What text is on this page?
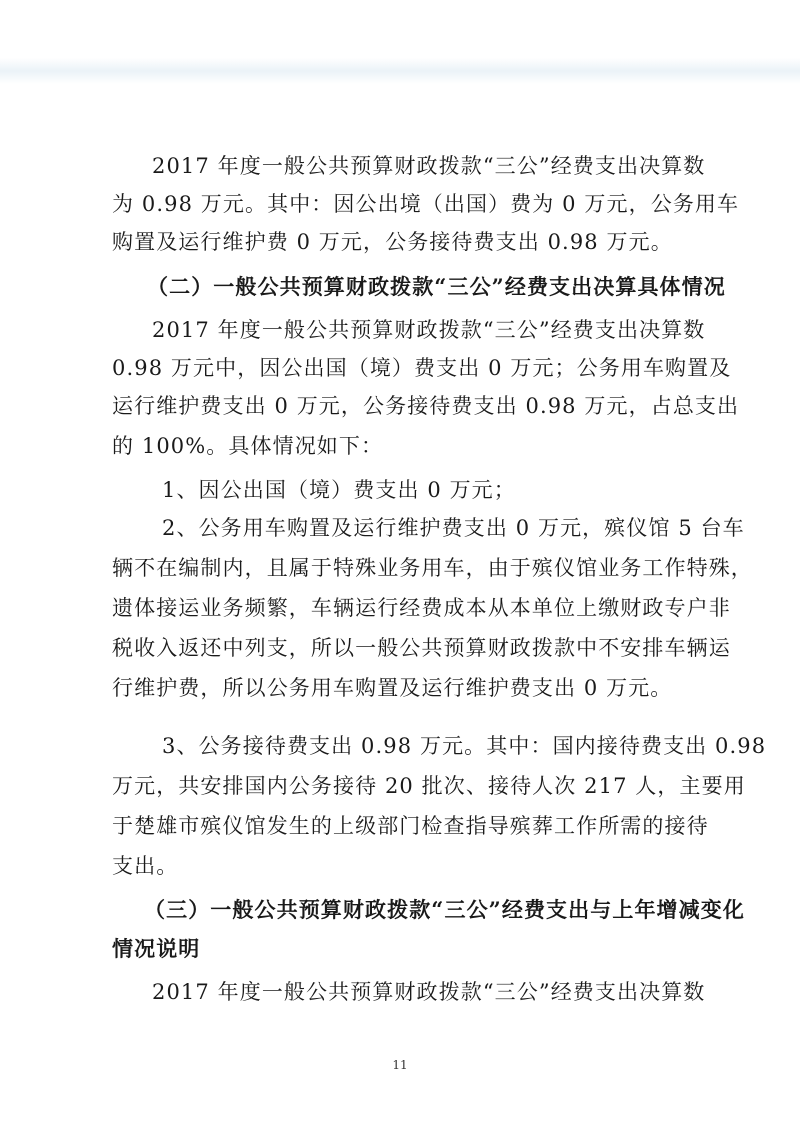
2017 年度一般公共预算财政拨款“三公”经费支出决算数
为 0.98 万元。其中：因公出境（出国）费为 0 万元，公务用车
购置及运行维护费 0 万元，公务接待费支出 0.98 万元。
（二）一般公共预算财政拨款“三公”经费支出决算具体情况
2017 年度一般公共预算财政拨款“三公”经费支出决算数
0.98 万元中，因公出国（境）费支出 0 万元；公务用车购置及
运行维护费支出 0 万元，公务接待费支出 0.98 万元，占总支出
的 100%。具体情况如下：
1、因公出国（境）费支出 0 万元；
2、公务用车购置及运行维护费支出 0 万元，殡仪馆 5 台车
辆不在编制内，且属于特殊业务用车，由于殡仪馆业务工作特殊，
遗体接运业务频繁，车辆运行经费成本从本单位上缴财政专户非
税收入返还中列支，所以一般公共预算财政拨款中不安排车辆运
行维护费，所以公务用车购置及运行维护费支出 0 万元。
3、公务接待费支出 0.98 万元。其中：国内接待费支出 0.98
万元，共安排国内公务接待 20 批次、接待人次 217 人，主要用
于楚雄市殡仪馆发生的上级部门检查指导殡葬工作所需的接待
支出。
（三）一般公共预算财政拨款“三公”经费支出与上年增减变化
情况说明
2017 年度一般公共预算财政拨款“三公”经费支出决算数
11
